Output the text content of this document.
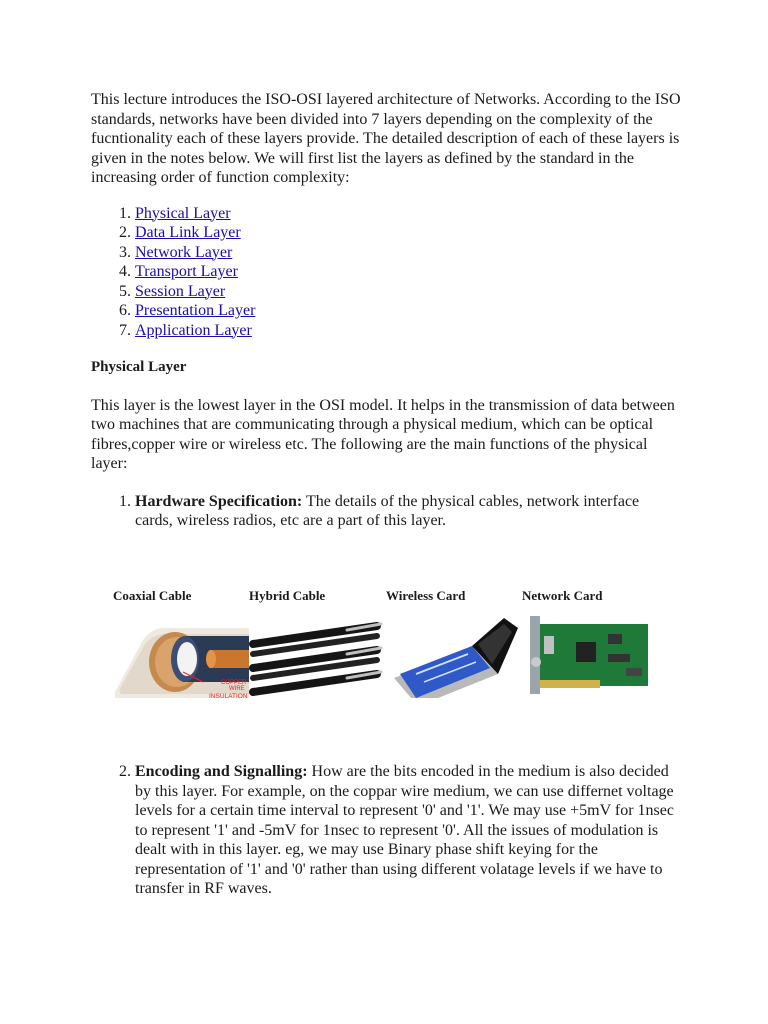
This lecture introduces the ISO-OSI layered architecture of Networks. According to the ISO standards, networks have been divided into 7 layers depending on the complexity of the fucntionality each of these layers provide. The detailed description of each of these layers is given in the notes below. We will first list the layers as defined by the standard in the increasing order of function complexity:

1. Physical Layer
2. Data Link Layer
3. Network Layer
4. Transport Layer
5. Session Layer
6. Presentation Layer
7. Application Layer

Physical Layer

This layer is the lowest layer in the OSI model. It helps in the transmission of data between two machines that are communicating through a physical medium, which can be optical fibres,copper wire or wireless etc. The following are the main functions of the physical layer:

1. Hardware Specification: The details of the physical cables, network interface cards, wireless radios, etc are a part of this layer.
Coaxial Cable	Hybrid Cable	Wireless Card	Network Card
COPPER
WIRE
INSULATION
2. Encoding and Signalling: How are the bits encoded in the medium is also decided by this layer. For example, on the coppar wire medium, we can use differnet voltage levels for a certain time interval to represent '0' and '1'. We may use +5mV for 1nsec to represent '1' and -5mV for 1nsec to represent '0'. All the issues of modulation is dealt with in this layer. eg, we may use Binary phase shift keying for the representation of '1' and '0' rather than using different volatage levels if we have to transfer in RF waves.
